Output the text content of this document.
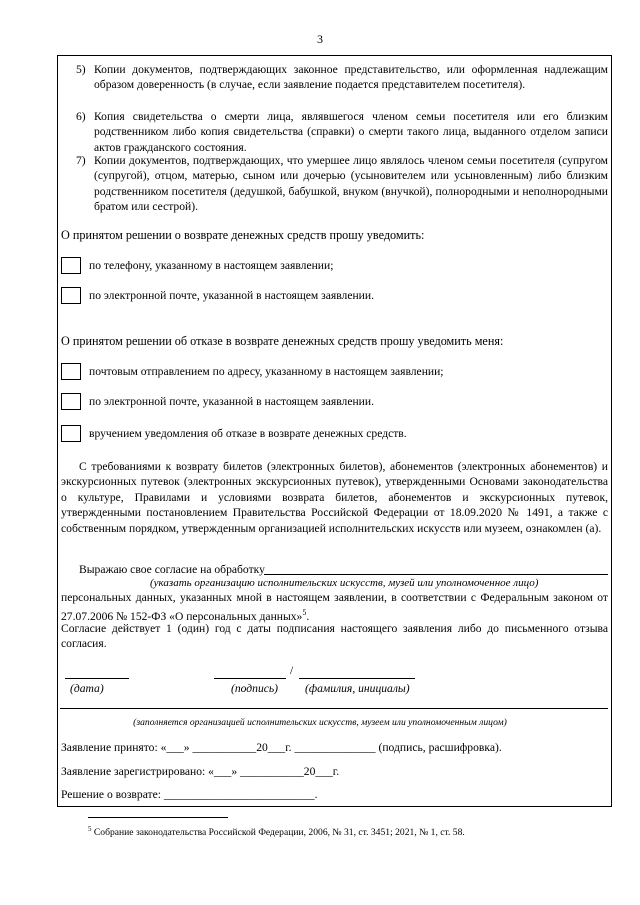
3
5) Копии документов, подтверждающих законное представительство, или оформленная надлежащим образом доверенность (в случае, если заявление подается представителем посетителя).
6) Копия свидетельства о смерти лица, являвшегося членом семьи посетителя или его близким родственником либо копия свидетельства (справки) о смерти такого лица, выданного отделом записи актов гражданского состояния.
7) Копии документов, подтверждающих, что умершее лицо являлось членом семьи посетителя (супругом (супругой), отцом, матерью, сыном или дочерью (усыновителем или усыновленным) либо близким родственником посетителя (дедушкой, бабушкой, внуком (внучкой), полнородными и неполнородными братом или сестрой).
О принятом решении о возврате денежных средств прошу уведомить:
по телефону, указанному в настоящем заявлении;
по электронной почте, указанной в настоящем заявлении.
О принятом решении об отказе в возврате денежных средств прошу уведомить меня:
почтовым отправлением по адресу, указанному в настоящем заявлении;
по электронной почте, указанной в настоящем заявлении.
вручением уведомления об отказе в возврате денежных средств.
С требованиями к возврату билетов (электронных билетов), абонементов (электронных абонементов) и экскурсионных путевок (электронных экскурсионных путевок), утвержденными Основами законодательства о культуре, Правилами и условиями возврата билетов, абонементов и экскурсионных путевок, утвержденными постановлением Правительства Российской Федерации от 18.09.2020 № 1491, а также с собственным порядком, утвержденным организацией исполнительских искусств или музеем, ознакомлен (а).
Выражаю свое согласие на обработку
(указать организацию исполнительских искусств, музей или уполномоченное лицо)
персональных данных, указанных мной в настоящем заявлении, в соответствии с Федеральным законом от 27.07.2006 № 152-ФЗ «О персональных данных»$^5$.
Согласие действует 1 (один) год с даты подписания настоящего заявления либо до письменного отзыва согласия.
/
(дата)	(подпись) (фамилия, инициалы)
(заполняется организацией исполнительских искусств, музеем или уполномоченным лицом)
Заявление принято: «___» ___________20___г. ______________ (подпись, расшифровка).
Заявление зарегистрировано: «___» ___________20___г.
Решение о возврате: __________________________.
$^5$ Собрание законодательства Российской Федерации, 2006, № 31, ст. 3451; 2021, № 1, ст. 58.
